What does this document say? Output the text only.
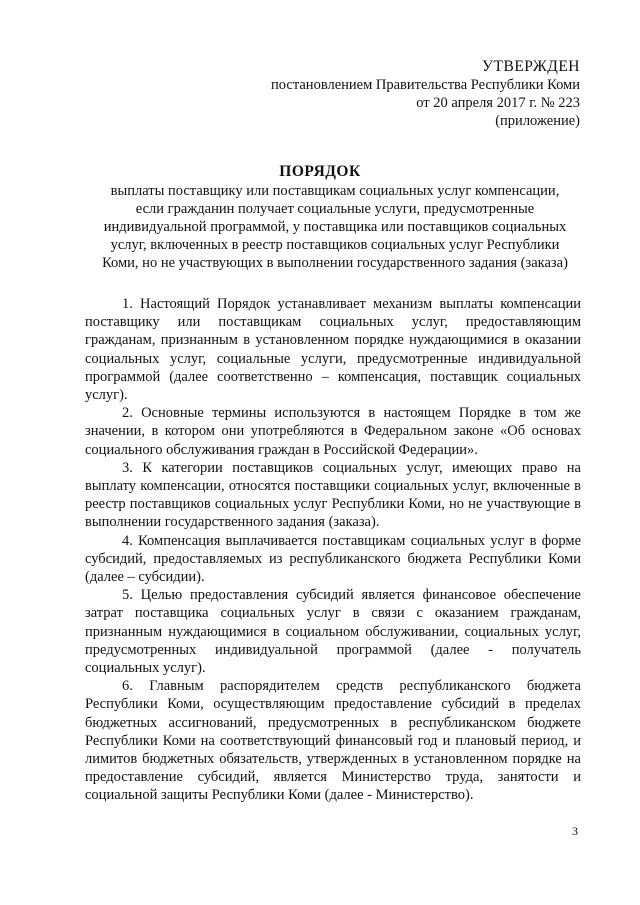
УТВЕРЖДЕН
постановлением Правительства Республики Коми
от 20 апреля 2017 г. № 223
(приложение)
ПОРЯДОК
выплаты поставщику или поставщикам социальных услуг компенсации,
если гражданин получает социальные услуги, предусмотренные
индивидуальной программой, у поставщика или поставщиков социальных
услуг, включенных в реестр поставщиков социальных услуг Республики
Коми, но не участвующих в выполнении государственного задания (заказа)

1. Настоящий Порядок устанавливает механизм выплаты компенсации поставщику или поставщикам социальных услуг, предоставляющим гражданам, признанным в установленном порядке нуждающимися в оказании социальных услуг, социальные услуги, предусмотренные индивидуальной программой (далее соответственно – компенсация, поставщик социальных услуг).

2. Основные термины используются в настоящем Порядке в том же значении, в котором они употребляются в Федеральном законе «Об основах социального обслуживания граждан в Российской Федерации».

3. К категории поставщиков социальных услуг, имеющих право на выплату компенсации, относятся поставщики социальных услуг, включенные в реестр поставщиков социальных услуг Республики Коми, но не участвующие в выполнении государственного задания (заказа).

4. Компенсация выплачивается поставщикам социальных услуг в форме субсидий, предоставляемых из республиканского бюджета Республики Коми (далее – субсидии).

5. Целью предоставления субсидий является финансовое обеспечение затрат поставщика социальных услуг в связи с оказанием гражданам, признанным нуждающимися в социальном обслуживании, социальных услуг, предусмотренных индивидуальной программой (далее - получатель социальных услуг).

6. Главным распорядителем средств республиканского бюджета Республики Коми, осуществляющим предоставление субсидий в пределах бюджетных ассигнований, предусмотренных в республиканском бюджете Республики Коми на соответствующий финансовый год и плановый период, и лимитов бюджетных обязательств, утвержденных в установленном порядке на предоставление субсидий, является Министерство труда, занятости и социальной защиты Республики Коми (далее - Министерство).

3
